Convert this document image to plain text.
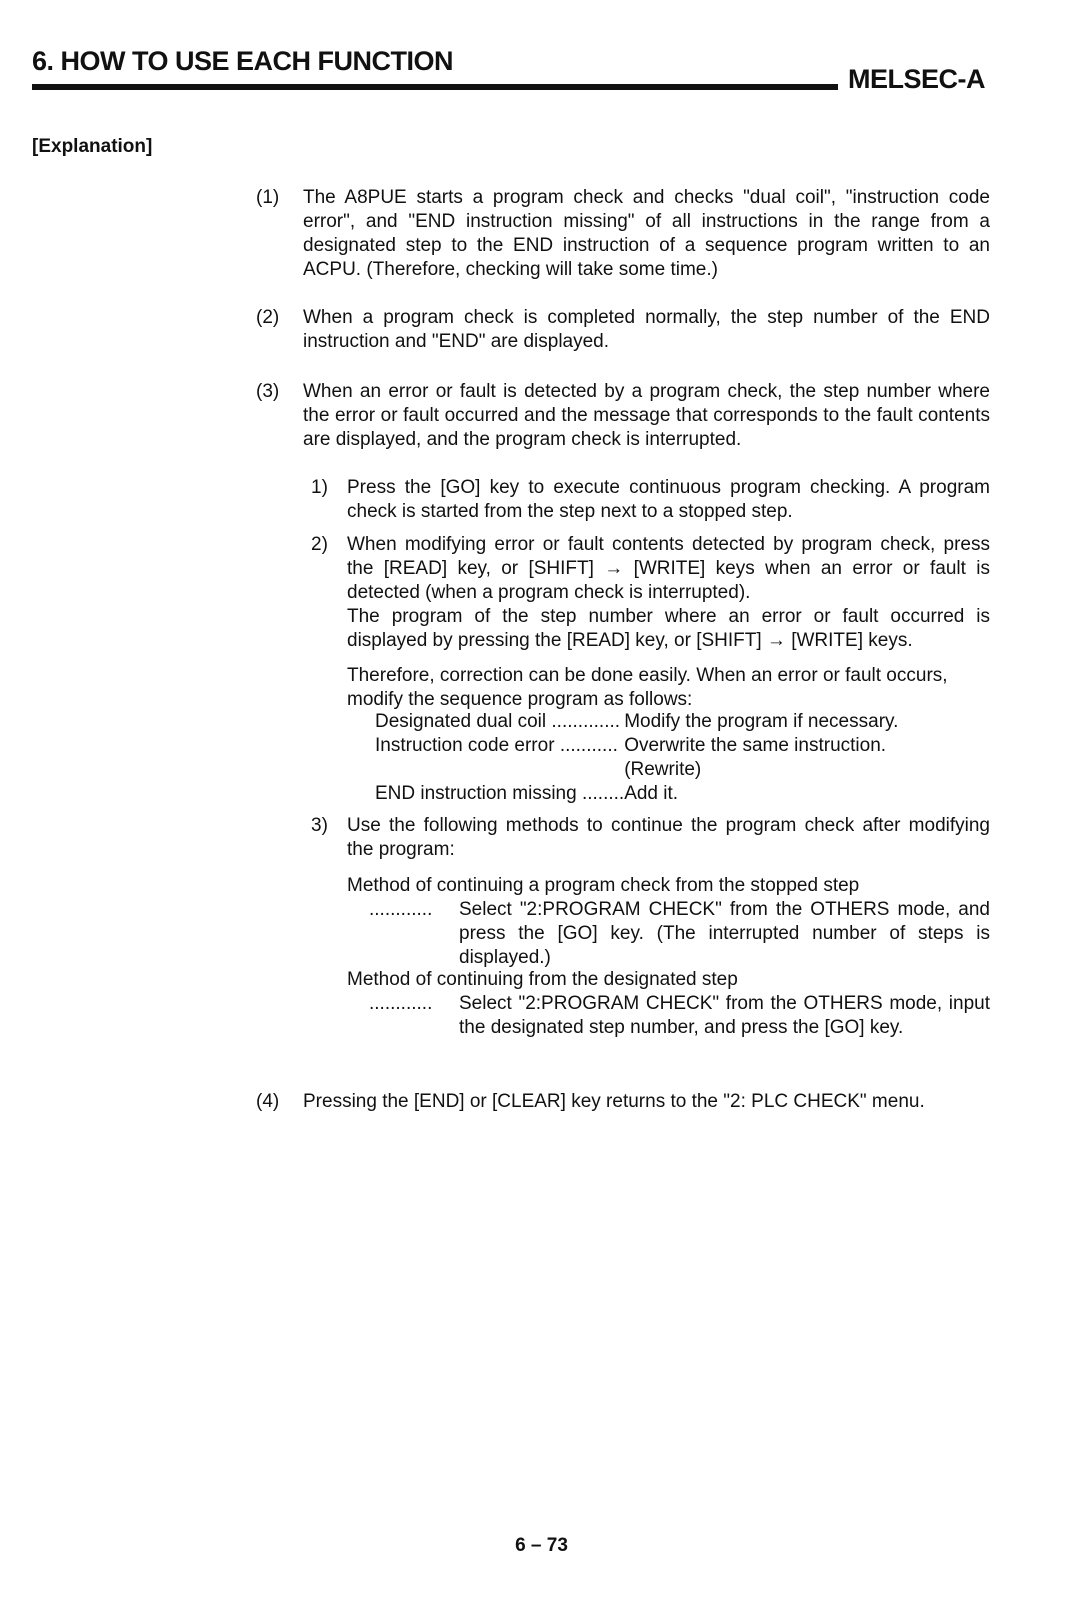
6. HOW TO USE EACH FUNCTION
MELSEC-A
[Explanation]
(1)	The A8PUE starts a program check and checks "dual coil", "instruction code error", and "END instruction missing" of all instructions in the range from a designated step to the END instruction of a sequence program written to an ACPU. (Therefore, checking will take some time.)
(2)	When a program check is completed normally, the step number of the END instruction and "END" are displayed.
(3)	When an error or fault is detected by a program check, the step number where the error or fault occurred and the message that corresponds to the fault contents are displayed, and the program check is interrupted.
1)	Press the [GO] key to execute continuous program checking. A program check is started from the step next to a stopped step.
2)	When modifying error or fault contents detected by program check, press the [READ] key, or [SHIFT] → [WRITE] keys when an error or fault is detected (when a program check is interrupted).
The program of the step number where an error or fault occurred is displayed by pressing the [READ] key, or [SHIFT] → [WRITE] keys.
Therefore, correction can be done easily. When an error or fault occurs, modify the sequence program as follows:
Designated dual coil .............	Modify the program if necessary.
Instruction code error ...........	Overwrite the same instruction.
(Rewrite)
END instruction missing ........	Add it.
3)	Use the following methods to continue the program check after modifying the program:
Method of continuing a program check from the stopped step
............ Select "2:PROGRAM CHECK" from the OTHERS mode, and press the [GO] key. (The interrupted number of steps is displayed.)
Method of continuing from the designated step
............ Select "2:PROGRAM CHECK" from the OTHERS mode, input the designated step number, and press the [GO] key.
(4)	Pressing the [END] or [CLEAR] key returns to the "2: PLC CHECK" menu.
6 – 73
